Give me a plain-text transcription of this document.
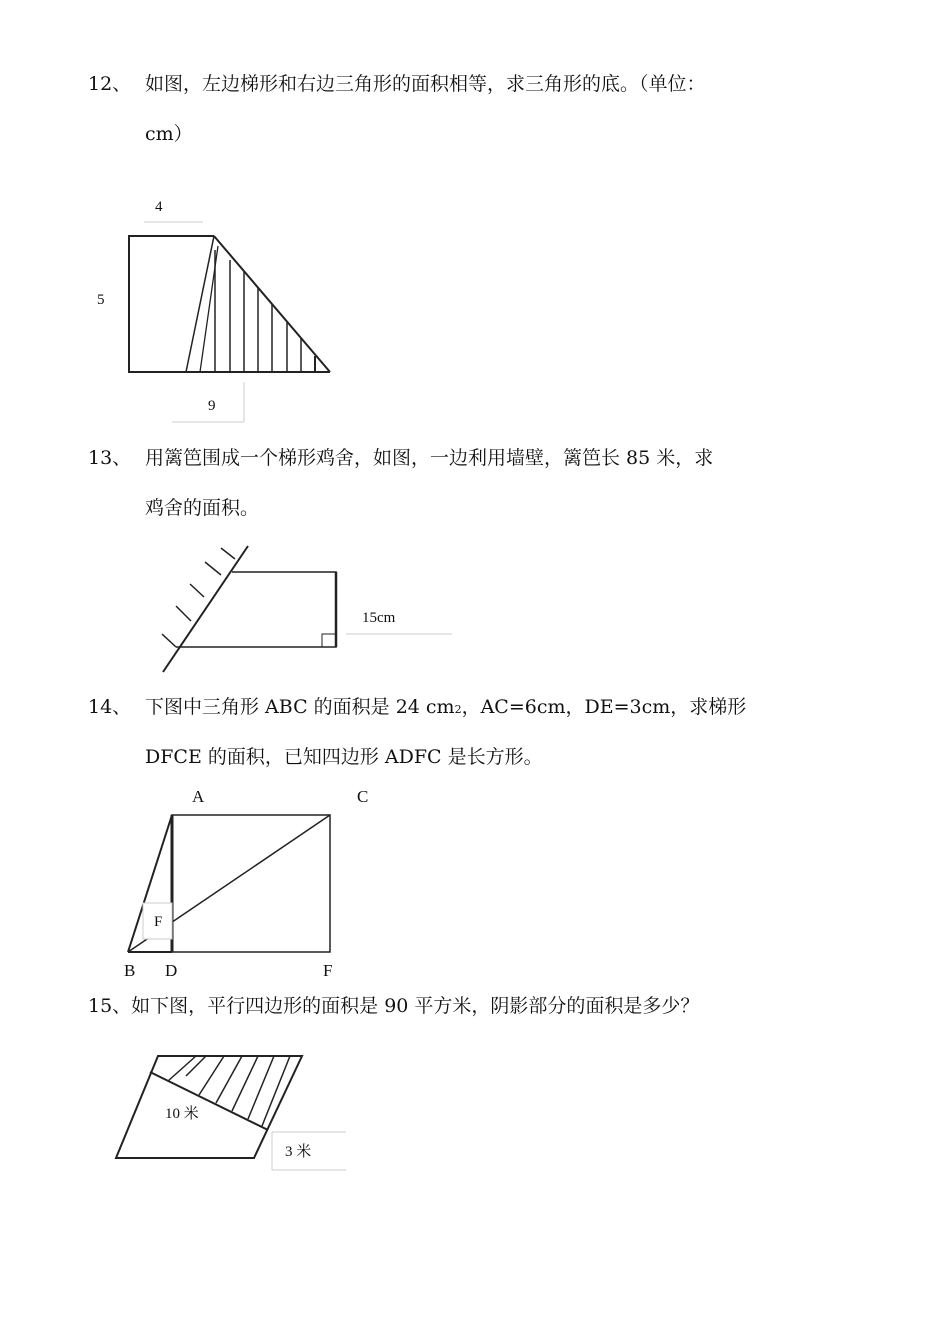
12、 如图，左边梯形和右边三角形的面积相等，求三角形的底。（单位：
cm）
4
5
9
13、 用篱笆围成一个梯形鸡舍，如图，一边利用墙壁，篱笆长 85 米，求
鸡舍的面积。
15cm
14、 下图中三角形 ABC 的面积是 24 cm2，AC=6cm，DE=3cm，求梯形
DFCE 的面积，已知四边形 ADFC 是长方形。
A	C
F
B D	F
15、如下图，平行四边形的面积是 90 平方米，阴影部分的面积是多少？
10 米
3 米
